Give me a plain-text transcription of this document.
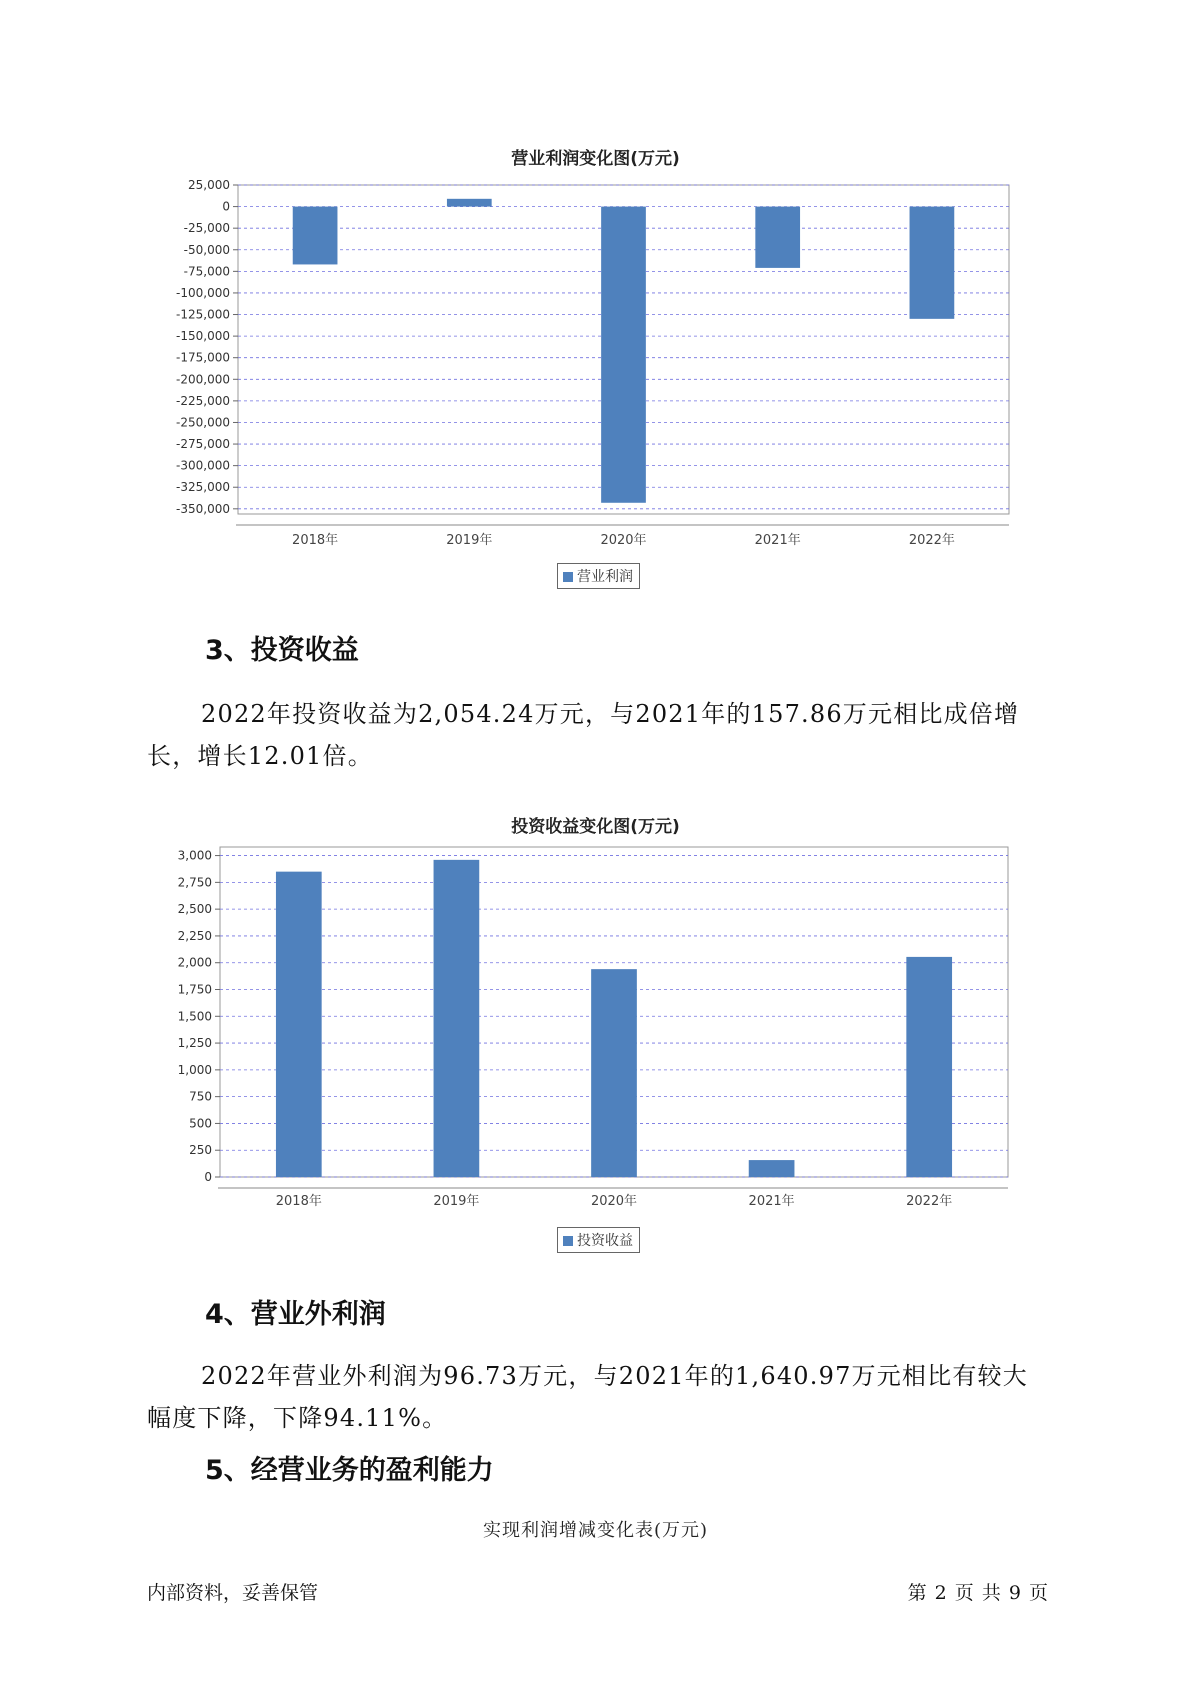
营业利润变化图(万元)
25,000
0
-25,000
-50,000
-75,000
-100,000
-125,000
-150,000
-175,000
-200,000
-225,000
-250,000
-275,000
-300,000
-325,000
-350,000
2018年	2019年	2020年	2021年	2022年
营业利润
3、投资收益

2022年投资收益为2,054.24万元，与2021年的157.86万元相比成倍增
长，增长12.01倍。

投资收益变化图(万元)
3,000
2,750
2,500
2,250
2,000
1,750
1,500
1,250
1,000
750
500
250
0
2018年	2019年	2020年	2021年	2022年
投资收益
4、营业外利润

2022年营业外利润为96.73万元，与2021年的1,640.97万元相比有较大
幅度下降，下降94.11%。

5、经营业务的盈利能力
实现利润增减变化表(万元)
内部资料，妥善保管	第 2 页 共 9 页
